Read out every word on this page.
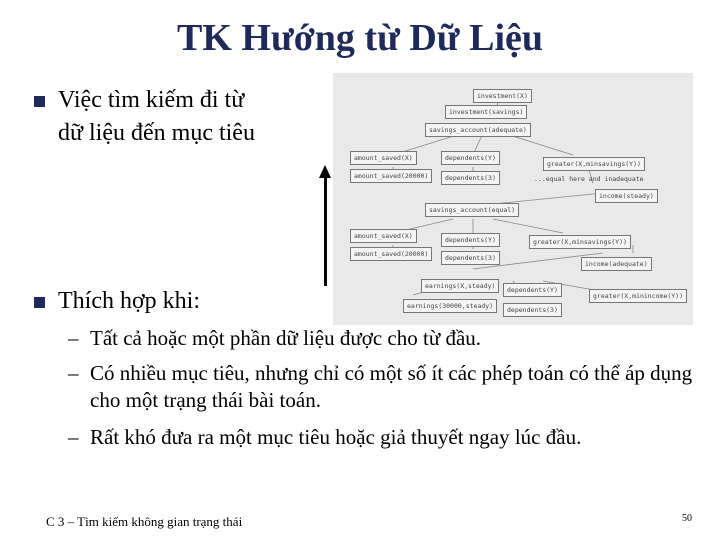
TK Hướng từ Dữ Liệu
Việc tìm kiếm đi từ
dữ liệu đến mục tiêu
Thích hợp khi:
– Tất cả hoặc một phần dữ liệu được cho từ đầu.
– Có nhiều mục tiêu, nhưng chỉ có một số ít các phép toán có thể áp dụng cho một trạng thái bài toán.
– Rất khó đưa ra một mục tiêu hoặc giả thuyết ngay lúc đầu.
investment(X)
investment(savings)
savings_account(adequate)
amount_saved(X)	dependents(Y)
greater(X,minsavings(Y))
amount_saved(20000)	dependents(3)	...equal here and inadequate
income(steady)
savings_account(equal)
amount_saved(X)	dependents(Y)	greater(X,minsavings(Y))
amount_saved(20000)	dependents(3)
income(adequate)
earnings(X,steady)	dependents(Y)
greater(X,minincome(Y))
earnings(30000,steady)	dependents(3)
C 3 – Tìm kiếm không gian trạng thái	50
